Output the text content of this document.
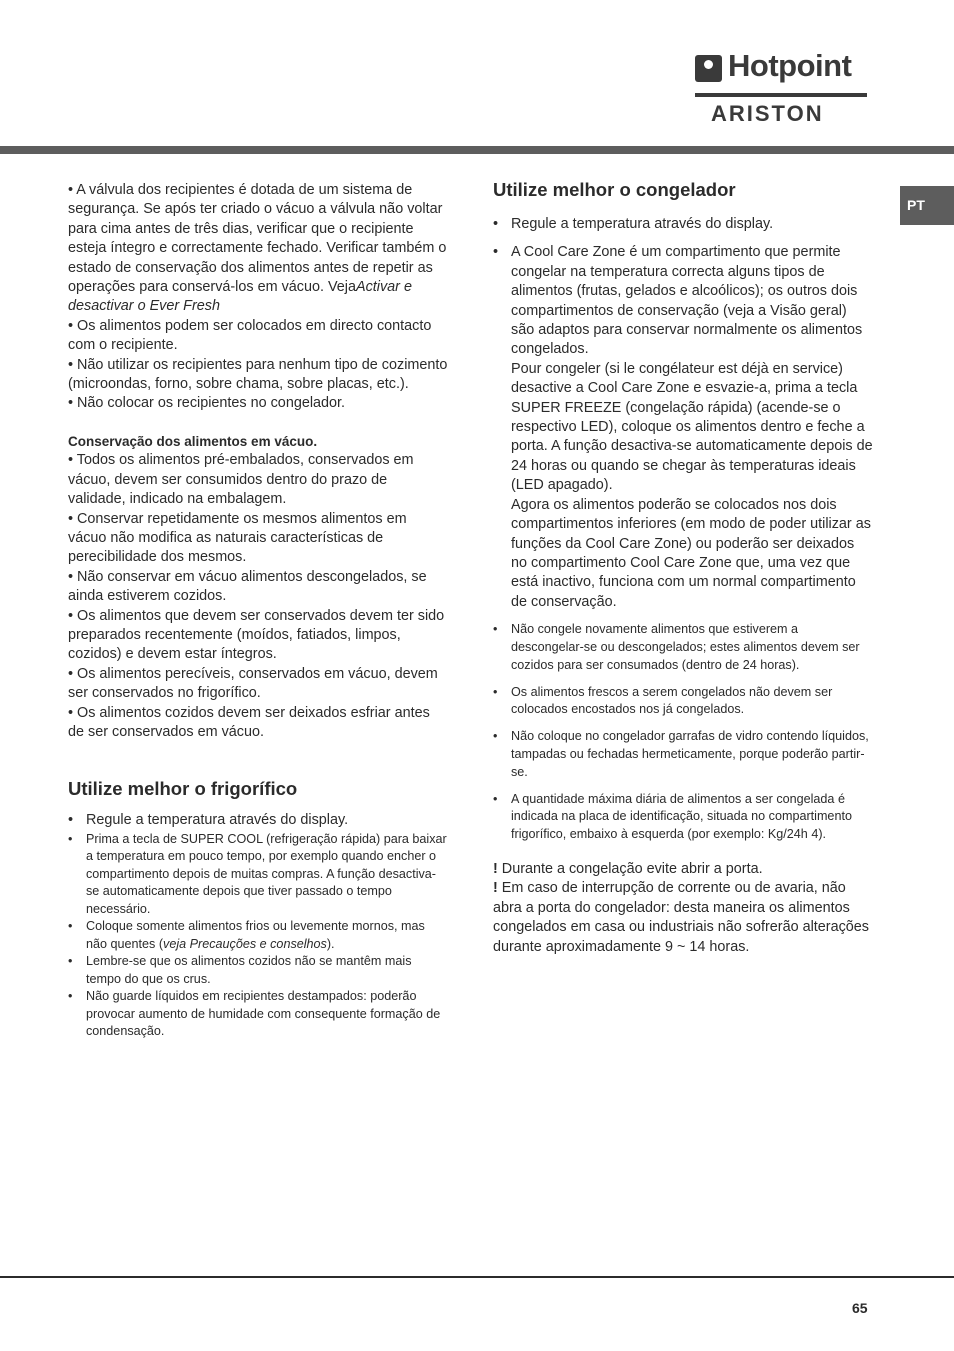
Hotpoint
ARISTON
PT

• A válvula dos recipientes é dotada de um sistema de segurança. Se após ter criado o vácuo a válvula não voltar para cima antes de três dias, verificar que o recipiente esteja íntegro e correctamente fechado. Verificar também o estado de conservação dos alimentos antes de repetir as operações para conservá-los em vácuo. VejaActivar e desactivar o Ever Fresh

• Os alimentos podem ser colocados em directo contacto com o recipiente.

• Não utilizar os recipientes para nenhum tipo de cozimento (microondas, forno, sobre chama, sobre placas, etc.).

• Não colocar os recipientes no congelador.

Conservação dos alimentos em vácuo.

• Todos os alimentos pré-embalados, conservados em vácuo, devem ser consumidos dentro do prazo de validade, indicado na embalagem.

• Conservar repetidamente os mesmos alimentos em vácuo não modifica as naturais características de perecibilidade dos mesmos.

• Não conservar em vácuo alimentos descongelados, se ainda estiverem cozidos.

• Os alimentos que devem ser conservados devem ter sido preparados recentemente (moídos, fatiados, limpos, cozidos) e devem estar íntegros.

• Os alimentos perecíveis, conservados em vácuo, devem ser conservados no frigorífico.

• Os alimentos cozidos devem ser deixados esfriar antes de ser conservados em vácuo.

Utilize melhor o frigorífico
• Regule a temperatura através do display.
• Prima a tecla de SUPER COOL (refrigeração rápida) para baixar a temperatura em pouco tempo, por exemplo quando encher o compartimento depois de muitas compras. A função desactiva-se automaticamente depois que tiver passado o tempo necessário.
• Coloque somente alimentos frios ou levemente mornos, mas não quentes (veja Precauções e conselhos).
• Lembre-se que os alimentos cozidos não se mantêm mais tempo do que os crus.
• Não guarde líquidos em recipientes destampados: poderão provocar aumento de humidade com consequente formação de condensação.
Utilize melhor o congelador
• Regule a temperatura através do display.
• A Cool Care Zone é um compartimento que permite congelar na temperatura correcta alguns tipos de alimentos (frutas, gelados e alcoólicos); os outros dois compartimentos de conservação (veja a Visão geral) são adaptos para conservar normalmente os alimentos congelados.
Pour congeler (si le congélateur est déjà en service) desactive a Cool Care Zone e esvazie-a, prima a tecla SUPER FREEZE (congelação rápida) (acende-se o respectivo LED), coloque os alimentos dentro e feche a porta. A função desactiva-se automaticamente depois de 24 horas ou quando se chegar às temperaturas ideais (LED apagado).
Agora os alimentos poderão se colocados nos dois compartimentos inferiores (em modo de poder utilizar as funções da Cool Care Zone) ou poderão ser deixados no compartimento Cool Care Zone que, uma vez que está inactivo, funciona com um normal compartimento de conservação.
• Não congele novamente alimentos que estiverem a descongelar-se ou descongelados; estes alimentos devem ser cozidos para ser consumados (dentro de 24 horas).
• Os alimentos frescos a serem congelados não devem ser colocados encostados nos já congelados.
• Não coloque no congelador garrafas de vidro contendo líquidos, tampadas ou fechadas hermeticamente, porque poderão partir-se.
• A quantidade máxima diária de alimentos a ser congelada é indicada na placa de identificação, situada no compartimento frigorífico, embaixo à esquerda (por exemplo: Kg/24h 4).

! Durante a congelação evite abrir a porta.

! Em caso de interrupção de corrente ou de avaria, não abra a porta do congelador: desta maneira os alimentos congelados em casa ou industriais não sofrerão alterações durante aproximadamente 9 ~ 14 horas.

65
